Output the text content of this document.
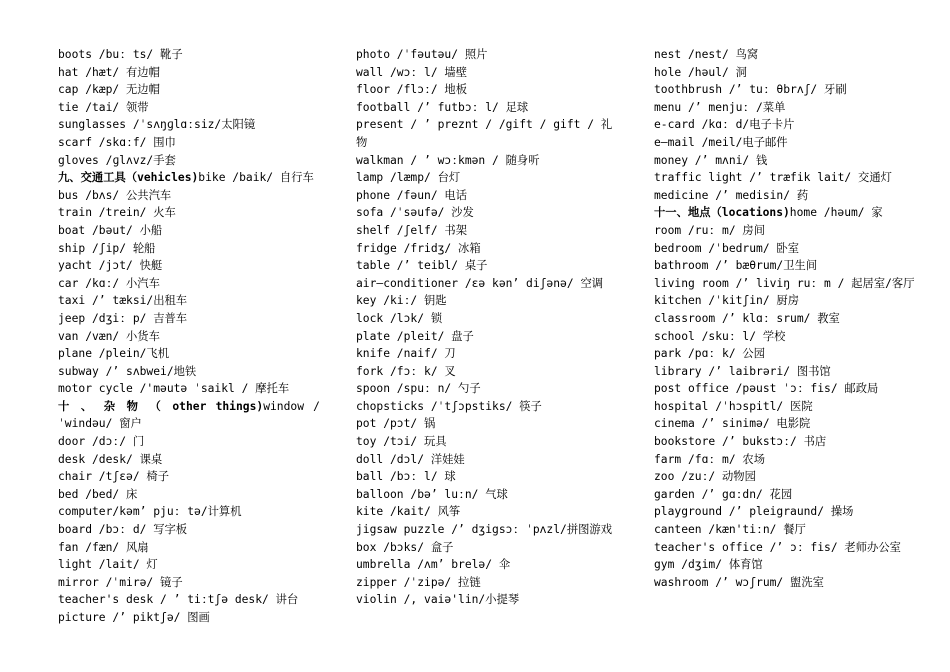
boots /buː ts/ 靴子
hat /hæt/ 有边帽
cap /kæp/ 无边帽
tie /tai/ 领带
sunglasses /ˈsʌŋɡlɑːsiz/太阳镜
scarf /skɑːf/ 围巾
gloves /ɡlʌvz/手套
九、交通工具（vehicles)bike /baik/ 自行车
bus /bʌs/ 公共汽车
train /trein/ 火车
boat /bəut/ 小船
ship /ʃip/ 轮船
yacht /jɔt/ 快艇
car /kɑː/ 小汽车
taxi /’ tæksi/出租车
jeep /dʒiː p/ 吉普车
van /væn/ 小货车
plane /plein/飞机
subway /’ sʌbwei/地铁
motor cycle /'məutə ˈsaikl / 摩托车
十 、 杂 物 （ other things)window /ˈwindəu/ 窗户
door /dɔː/ 门
desk /desk/ 课桌
chair /tʃɛə/ 椅子
bed /bed/ 床
computer/kəm’ pjuː tə/计算机
board /bɔː d/ 写字板
fan /fæn/ 风扇
light /lait/ 灯
mirror /ˈmirə/ 镜子
teacher's desk / ’ tiːtʃə desk/ 讲台
picture /’ piktʃə/ 图画
photo /ˈfəutəu/ 照片
wall /wɔː l/ 墙壁
floor /flɔː/ 地板
football /’ futbɔː l/ 足球
present / ’ preznt / /gift / gift / 礼物
walkman / ’ wɔːkmən / 随身听
lamp /læmp/ 台灯
phone /fəun/ 电话
sofa /ˈsəufə/ 沙发
shelf /ʃelf/ 书架
fridge /fridʒ/ 冰箱
table /’ teibl/ 桌子
air—conditioner /ɛə kən’ diʃənə/ 空调
key /kiː/ 钥匙
lock /lɔk/ 锁
plate /pleit/ 盘子
knife /naif/ 刀
fork /fɔː k/ 叉
spoon /spuː n/ 勺子
chopsticks /ˈtʃɔpstiks/ 筷子
pot /pɔt/ 锅
toy /tɔi/ 玩具
doll /dɔl/ 洋娃娃
ball /bɔː l/ 球
balloon /bə’ luːn/ 气球
kite /kait/ 风筝
jigsaw puzzle /’ dʒigsɔː ˈpʌzl/拼图游戏
box /bɔks/ 盒子
umbrella /ʌm’ brelə/ 伞
zipper /ˈzipə/ 拉链
violin /, vaiə'lin/小提琴
nest /nest/ 鸟窝
hole /həul/ 洞
toothbrush /’ tuː θbrʌʃ/ 牙刷
menu /’ menjuː /菜单
e-card /kɑː d/电子卡片
e—mail /meil/电子邮件
money /’ mʌni/ 钱
traffic light /’ træfik lait/ 交通灯
medicine /’ medisin/ 药
十一、地点（locations)home /həum/ 家
room /ruː m/ 房间
bedroom /ˈbedrum/ 卧室
bathroom /’ bæθrum/卫生间
living room /’ liviŋ ruː m / 起居室/客厅
kitchen /ˈkitʃin/ 厨房
classroom /’ klɑː srum/ 教室
school /skuː l/ 学校
park /pɑː k/ 公园
library /’ laibrəri/ 图书馆
post office /pəust ˈɔː fis/ 邮政局
hospital /ˈhɔspitl/ 医院
cinema /’ sinimə/ 电影院
bookstore /’ bukstɔː/ 书店
farm /fɑː m/ 农场
zoo /zuː/ 动物园
garden /’ gɑːdn/ 花园
playground /’ pleigraund/ 操场
canteen /kæn'tiːn/ 餐厅
teacher's office /’ ɔː fis/ 老师办公室
gym /dʒim/ 体育馆
washroom /’ wɔʃrum/ 盥洗室
